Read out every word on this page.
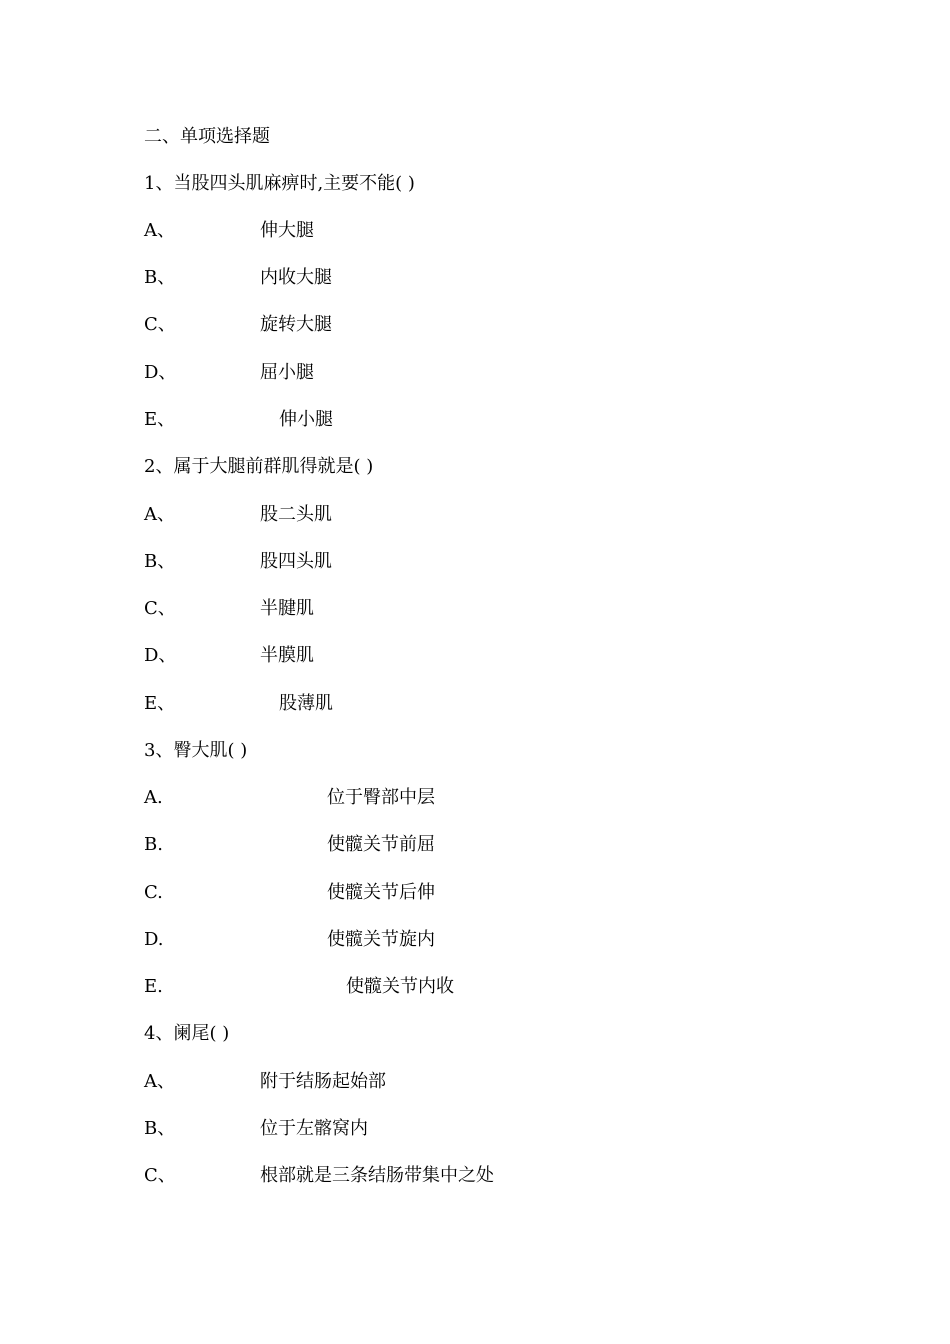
二、单项选择题
1、当股四头肌麻痹时,主要不能( )
A、	伸大腿
B、	内收大腿
C、	旋转大腿
D、	屈小腿
E、	伸小腿
2、属于大腿前群肌得就是( )
A、	股二头肌
B、	股四头肌
C、	半腱肌
D、	半膜肌
E、	股薄肌
3、臀大肌( )
A.	位于臀部中层
B.	使髋关节前屈
C.	使髋关节后伸
D.	使髋关节旋内
E.	使髋关节内收
4、阑尾( )
A、	附于结肠起始部
B、	位于左髂窝内
C、	根部就是三条结肠带集中之处
